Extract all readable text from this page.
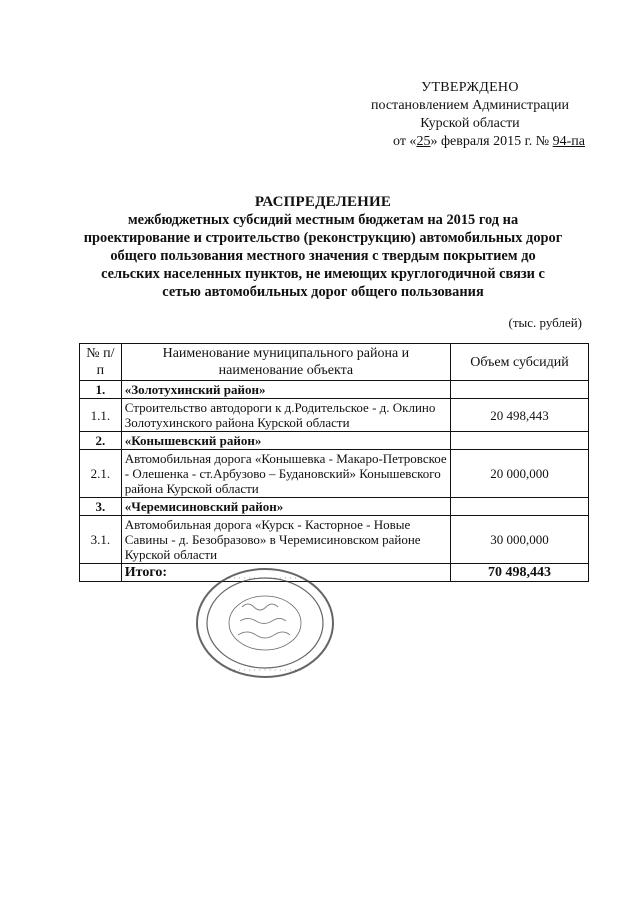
УТВЕРЖДЕНО
постановлением Администрации
Курской области
от «25» февраля 2015 г. № 94-па
РАСПРЕДЕЛЕНИЕ
межбюджетных субсидий местным бюджетам на 2015 год на
проектирование и строительство (реконструкцию) автомобильных дорог
общего пользования местного значения с твердым покрытием до
сельских населенных пунктов, не имеющих круглогодичной связи с
сетью автомобильных дорог общего пользования
(тыс. рублей)
№ п/п	Наименование муниципального района и наименование объекта	Объем субсидий
1.	«Золотухинский район»	
1.1.	Строительство автодороги к д.Родительское - д. Оклино Золотухинского района Курской области	20 498,443
2.	«Конышевский район»	
2.1.	Автомобильная дорога «Конышевка - Макаро-Петровское - Олешенка - ст.Арбузово – Будановский» Конышевского района Курской области	20 000,000
3.	«Черемисиновский район»	
3.1.	Автомобильная дорога «Курск - Касторное - Новые Савины - д. Безобразово» в Черемисиновском районе Курской области	30 000,000
	Итого:	70 498,443
· · · · · · · · · · · · · · ·
· · · · · · · · · · · · · · ·
